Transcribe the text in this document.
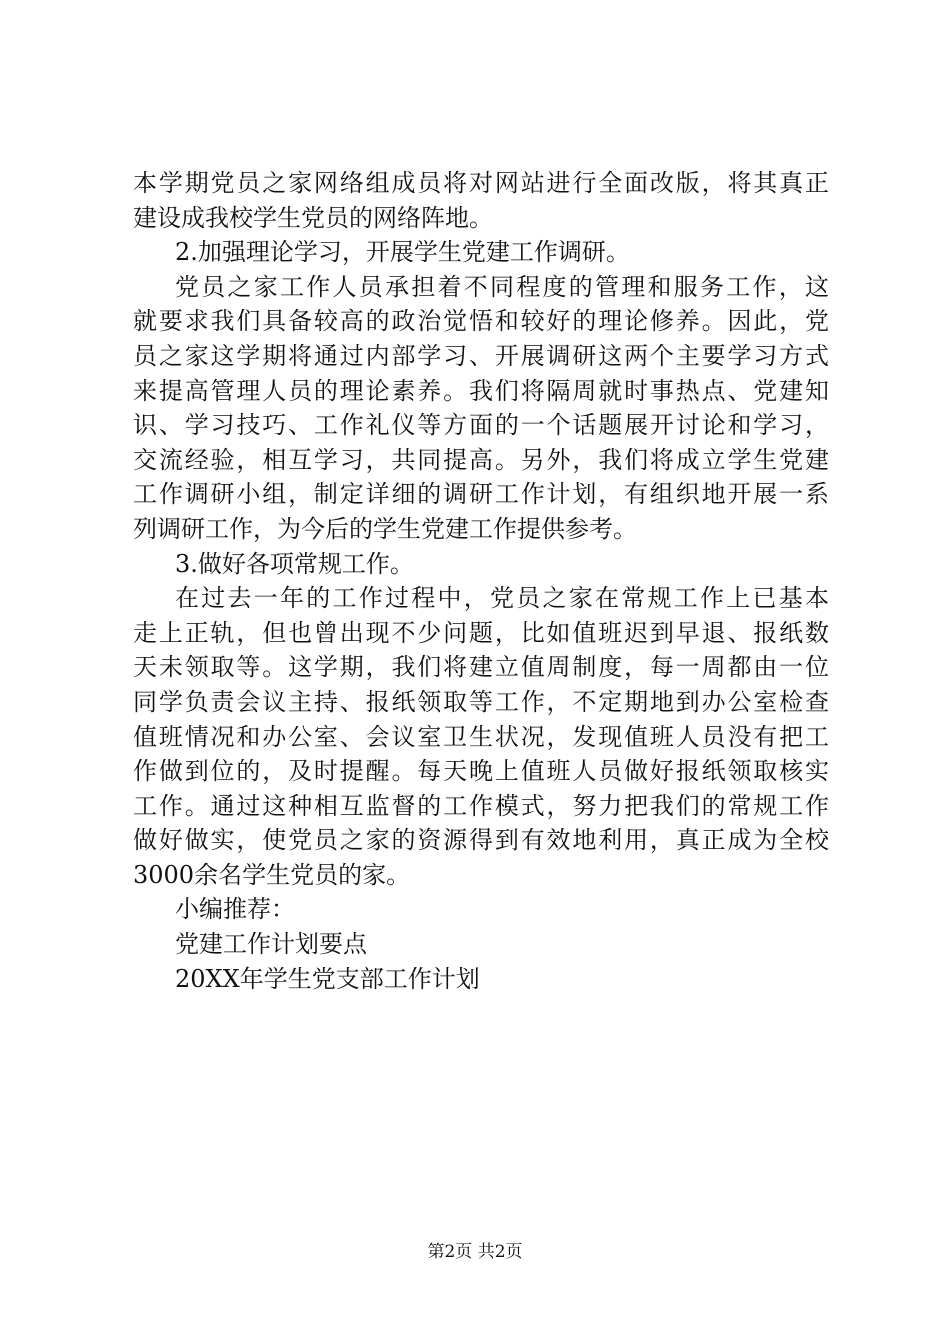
本学期党员之家网络组成员将对网站进行全面改版，将其真正
建设成我校学生党员的网络阵地。
2.加强理论学习，开展学生党建工作调研。
党员之家工作人员承担着不同程度的管理和服务工作，这
就要求我们具备较高的政治觉悟和较好的理论修养。因此，党
员之家这学期将通过内部学习、开展调研这两个主要学习方式
来提高管理人员的理论素养。我们将隔周就时事热点、党建知
识、学习技巧、工作礼仪等方面的一个话题展开讨论和学习，
交流经验，相互学习，共同提高。另外，我们将成立学生党建
工作调研小组，制定详细的调研工作计划，有组织地开展一系
列调研工作，为今后的学生党建工作提供参考。
3.做好各项常规工作。
在过去一年的工作过程中，党员之家在常规工作上已基本
走上正轨，但也曾出现不少问题，比如值班迟到早退、报纸数
天未领取等。这学期，我们将建立值周制度，每一周都由一位
同学负责会议主持、报纸领取等工作，不定期地到办公室检查
值班情况和办公室、会议室卫生状况，发现值班人员没有把工
作做到位的，及时提醒。每天晚上值班人员做好报纸领取核实
工作。通过这种相互监督的工作模式，努力把我们的常规工作
做好做实，使党员之家的资源得到有效地利用，真正成为全校
3000余名学生党员的家。
小编推荐：
党建工作计划要点
20XX年学生党支部工作计划
第2页 共2页
